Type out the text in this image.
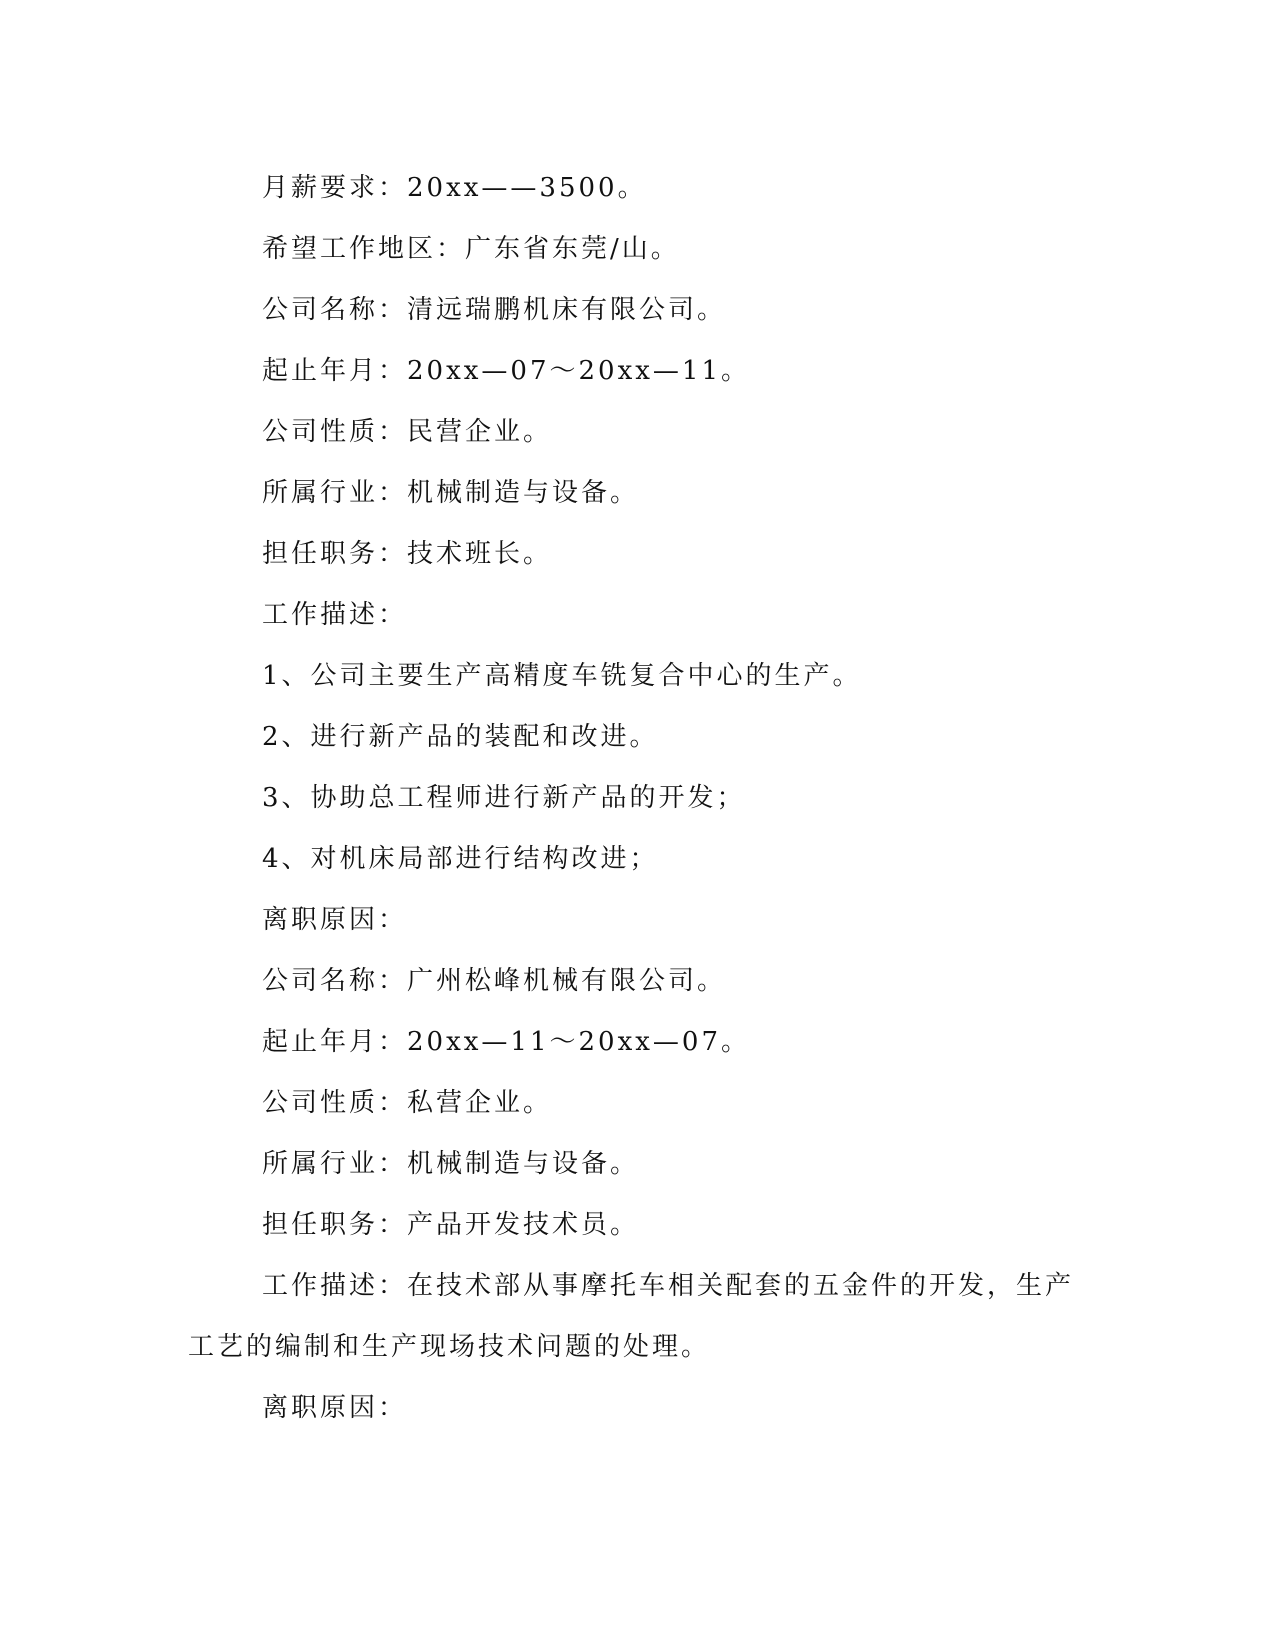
月薪要求：20xx——3500。

希望工作地区：广东省东莞/山。

公司名称：清远瑞鹏机床有限公司。

起止年月：20xx—07～20xx—11。

公司性质：民营企业。

所属行业：机械制造与设备。

担任职务：技术班长。

工作描述：

1、公司主要生产高精度车铣复合中心的生产。

2、进行新产品的装配和改进。

3、协助总工程师进行新产品的开发；

4、对机床局部进行结构改进；

离职原因：

公司名称：广州松峰机械有限公司。

起止年月：20xx—11～20xx—07。

公司性质：私营企业。

所属行业：机械制造与设备。

担任职务：产品开发技术员。

工作描述：在技术部从事摩托车相关配套的五金件的开发，生产工艺的编制和生产现场技术问题的处理。

离职原因：
